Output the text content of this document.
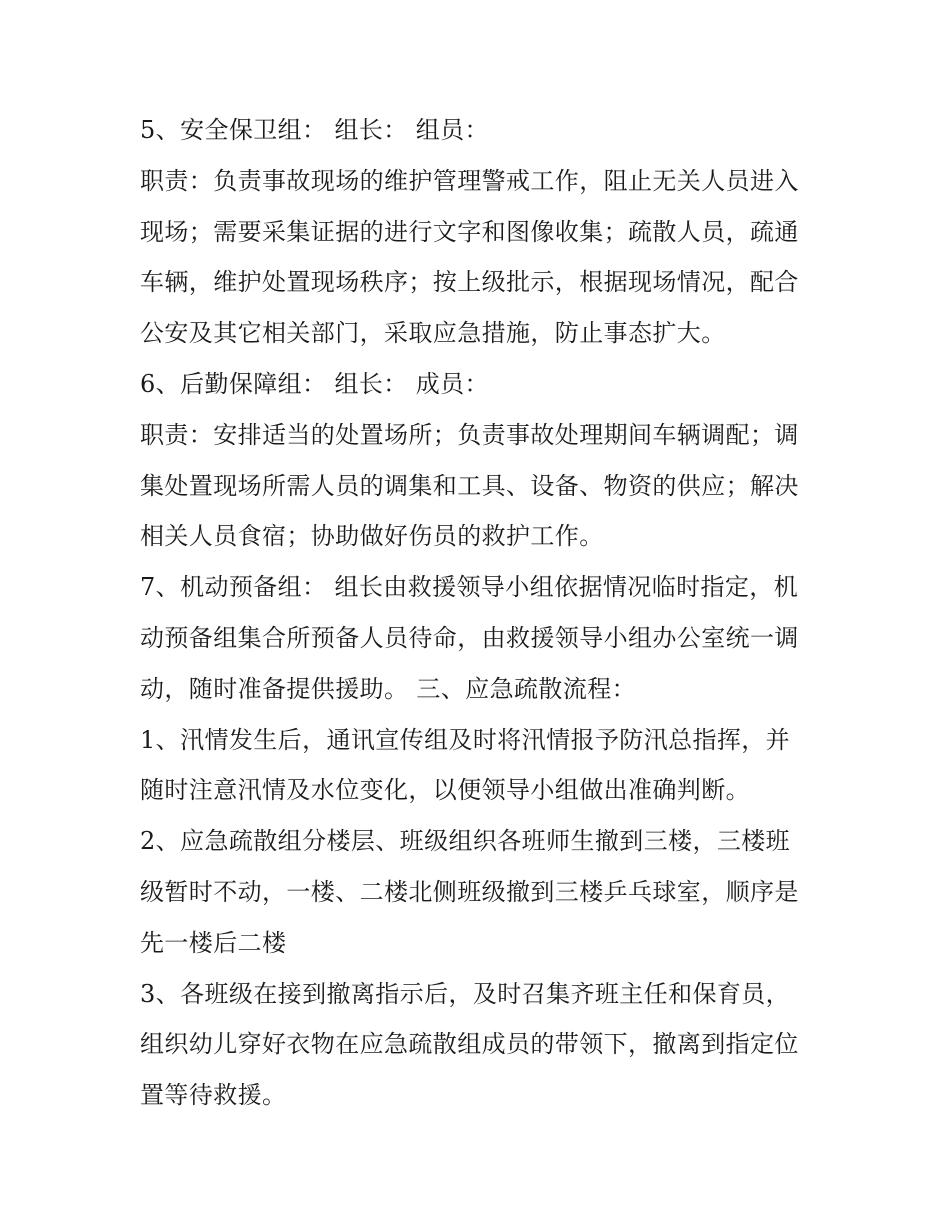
5、安全保卫组： 组长： 组员：
职责：负责事故现场的维护管理警戒工作，阻止无关人员进入
现场；需要采集证据的进行文字和图像收集；疏散人员，疏通
车辆，维护处置现场秩序；按上级批示，根据现场情况，配合
公安及其它相关部门，采取应急措施，防止事态扩大。
6、后勤保障组： 组长： 成员：
职责：安排适当的处置场所；负责事故处理期间车辆调配；调
集处置现场所需人员的调集和工具、设备、物资的供应；解决
相关人员食宿；协助做好伤员的救护工作。
7、机动预备组： 组长由救援领导小组依据情况临时指定，机
动预备组集合所预备人员待命，由救援领导小组办公室统一调
动，随时准备提供援助。 三、应急疏散流程：
1、汛情发生后，通讯宣传组及时将汛情报予防汛总指挥，并
随时注意汛情及水位变化，以便领导小组做出准确判断。
2、应急疏散组分楼层、班级组织各班师生撤到三楼，三楼班
级暂时不动，一楼、二楼北侧班级撤到三楼乒乓球室，顺序是
先一楼后二楼
3、各班级在接到撤离指示后，及时召集齐班主任和保育员，
组织幼儿穿好衣物在应急疏散组成员的带领下，撤离到指定位
置等待救援。
